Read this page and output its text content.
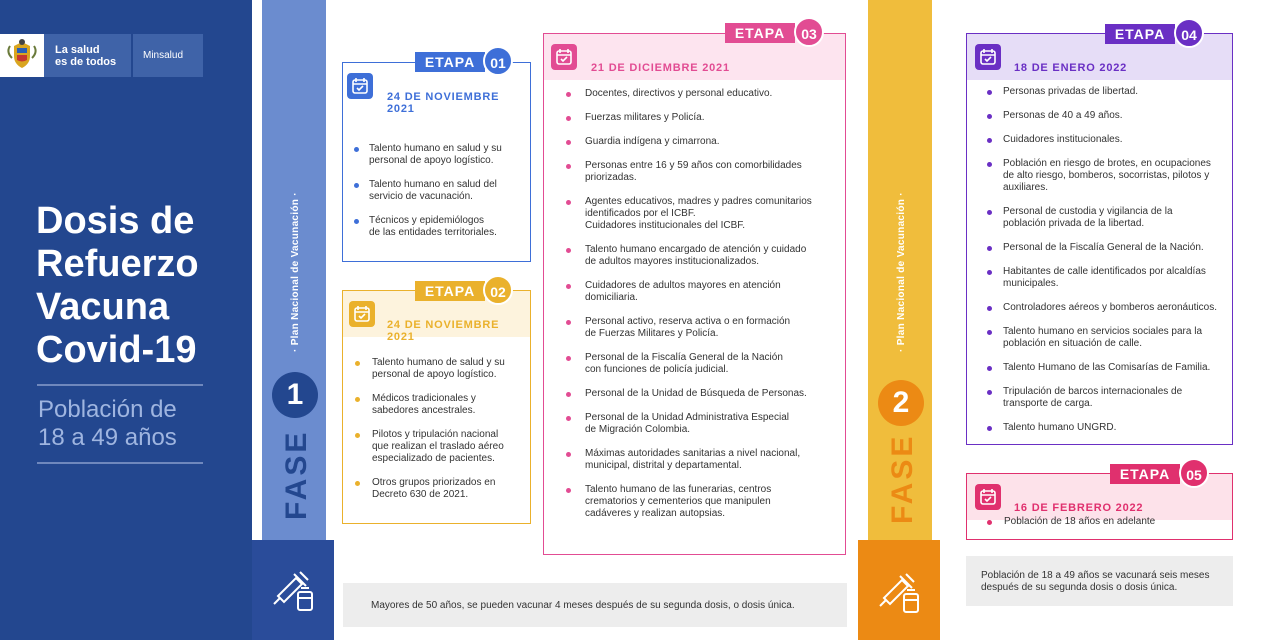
La salud
es de todos
Minsalud
Dosis de
Refuerzo
Vacuna
Covid-19
Población de
18 a 49 años
· Plan Nacional de Vacunación ·
1
FASE
· Plan Nacional de Vacunación ·
2
FASE
24 DE NOVIEMBRE 2021
Talento humano en salud y su
personal de apoyo logístico.
Talento humano en salud del
servicio de vacunación.
Técnicos y epidemiólogos
de las entidades territoriales.
ETAPA	01
24 DE NOVIEMBRE 2021
Talento humano de salud y su
personal de apoyo logístico.
Médicos tradicionales y
sabedores ancestrales.
Pilotos y tripulación nacional
que realizan el traslado aéreo
especializado de pacientes.
Otros grupos priorizados en
Decreto 630 de 2021.
ETAPA	02
21 DE DICIEMBRE 2021
Docentes, directivos y personal educativo.
Fuerzas militares y Policía.
Guardia indígena y cimarrona.
Personas entre 16 y 59 años con comorbilidades
priorizadas.
Agentes educativos, madres y padres comunitarios
identificados por el ICBF.
Cuidadores institucionales del ICBF.
Talento humano encargado de atención y cuidado
de adultos mayores institucionalizados.
Cuidadores de adultos mayores en atención
domiciliaria.
Personal activo, reserva activa o en formación
de Fuerzas Militares y Policía.
Personal de la Fiscalía General de la Nación
con funciones de policía judicial.
Personal de la Unidad de Búsqueda de Personas.
Personal de la Unidad Administrativa Especial
de Migración Colombia.
Máximas autoridades sanitarias a nivel nacional,
municipal, distrital y departamental.
Talento humano de las funerarias, centros
crematorios y cementerios que manipulen
cadáveres y realizan autopsias.
ETAPA	03
18 DE ENERO 2022
Personas privadas de libertad.
Personas de 40 a 49 años.
Cuidadores institucionales.
Población en riesgo de brotes, en ocupaciones
de alto riesgo, bomberos, socorristas, pilotos y
auxiliares.
Personal de custodia y vigilancia de la
población privada de la libertad.
Personal de la Fiscalía General de la Nación.
Habitantes de calle identificados por alcaldías
municipales.
Controladores aéreos y bomberos aeronáuticos.
Talento humano en servicios sociales para la
población en situación de calle.
Talento Humano de las Comisarías de Familia.
Tripulación de barcos internacionales de
transporte de carga.
Talento humano UNGRD.
ETAPA	04
16 DE FEBRERO 2022
Población de 18 años en adelante
ETAPA	05
Mayores de 50 años, se pueden vacunar 4 meses después de su segunda dosis, o dosis única.
Población de 18 a 49 años se vacunará seis meses
después de su segunda dosis o dosis única.
